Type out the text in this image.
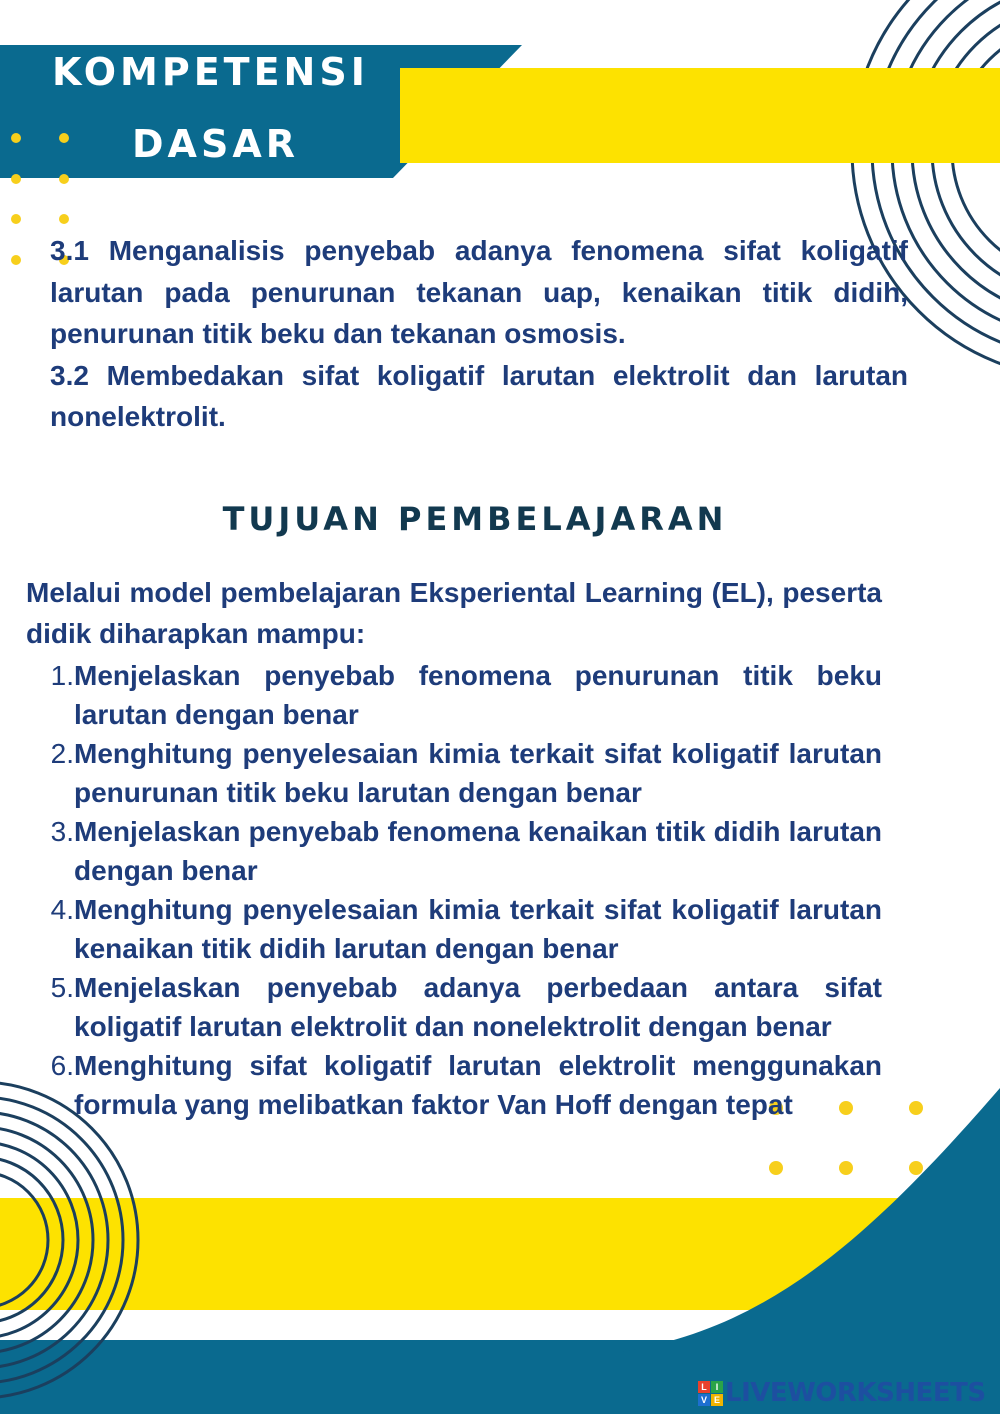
KOMPETENSI
DASAR

3.1 Menganalisis penyebab adanya fenomena sifat koligatif larutan pada penurunan tekanan uap, kenaikan titik didih, penurunan titik beku dan tekanan osmosis.

3.2 Membedakan sifat koligatif larutan elektrolit dan larutan nonelektrolit.

TUJUAN PEMBELAJARAN

Melalui model pembelajaran Eksperiental Learning (EL), peserta didik diharapkan mampu:

1. Menjelaskan penyebab fenomena penurunan titik beku larutan dengan benar
2. Menghitung penyelesaian kimia terkait sifat koligatif larutan penurunan titik beku larutan dengan benar
3. Menjelaskan penyebab fenomena kenaikan titik didih larutan dengan benar
4. Menghitung penyelesaian kimia terkait sifat koligatif larutan kenaikan titik didih larutan dengan benar
5. Menjelaskan penyebab adanya perbedaan antara sifat koligatif larutan elektrolit dan nonelektrolit dengan benar
6. Menghitung sifat koligatif larutan elektrolit menggunakan formula yang melibatkan faktor Van Hoff dengan tepat
L I
V E LIVEWORKSHEETS
